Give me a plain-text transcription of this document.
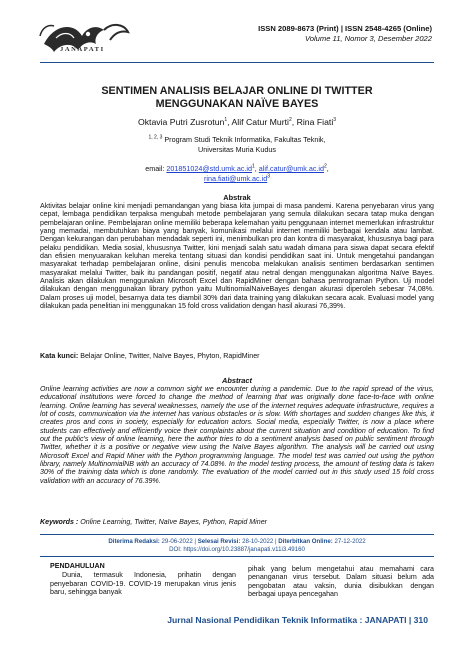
JANAPATI
ISSN 2089-8673 (Print) | ISSN 2548-4265 (Online)
Volume 11, Nomor 3, Desember 2022
SENTIMEN ANALISIS BELAJAR ONLINE DI TWITTER
MENGGUNAKAN NAÏVE BAYES
Oktavia Putri Zusrotun$^1$, Alif Catur Murti$^2$, Rina Fiati$^3$
$^{1, 2, 3}$ Program Studi Teknik Informatika, Fakultas Teknik,
Universitas Muria Kudus
email: $201851024@std.umk.ac.id^1$, $alif.catur@umk.ac.id^2$,
$rina.fiati@umk.ac.id^3$
Abstrak
Aktivitas belajar online kini menjadi pemandangan yang biasa kita jumpai di masa pandemi. Karena penyebaran virus yang cepat, lembaga pendidikan terpaksa mengubah metode pembelajaran yang semula dilakukan secara tatap muka dengan pembelajaran online. Pembelajaran online memiliki beberapa kelemahan yaitu penggunaan internet memerlukan infrastruktur yang memadai, membutuhkan biaya yang banyak, komunikasi melalui internet memiliki berbagai kendala atau lambat. Dengan kekurangan dan perubahan mendadak seperti ini, menimbulkan pro dan kontra di masyarakat, khususnya bagi para pelaku pendidikan. Media sosial, khususnya Twitter, kini menjadi salah satu wadah dimana para siswa dapat secara efektif dan efisien menyuarakan keluhan mereka tentang situasi dan kondisi pendidikan saat ini. Untuk mengetahui pandangan masyarakat terhadap pembelajaran online, disini penulis mencoba melakukan analisis sentimen berdasarkan sentimen masyarakat melalui Twitter, baik itu pandangan positif, negatif atau netral dengan menggunakan algoritma Naïve Bayes. Analisis akan dilakukan menggunakan Microsoft Excel dan RapidMiner dengan bahasa pemrograman Python. Uji model dilakukan dengan menggunakan library python yaitu MultinomialNaiveBayes dengan akurasi diperoleh sebesar 74,08%. Dalam proses uji model, besarnya data tes diambil 30% dari data training yang dilakukan secara acak. Evaluasi model yang dilakukan pada penelitian ini menggunakan 15 fold cross validation dengan hasil akurasi 76,39%.
Kata kunci: Belajar Online, Twitter, Naïve Bayes, Phyton, RapidMiner
Abstract
Online learning activities are now a common sight we encounter during a pandemic. Due to the rapid spread of the virus, educational institutions were forced to change the method of learning that was originally done face-to-face with online learning. Online learning has several weaknesses, namely the use of the internet requires adequate infrastructure, requires a lot of costs, communication via the internet has various obstacles or is slow. With shortages and sudden changes like this, it creates pros and cons in society, especially for education actors. Social media, especially Twitter, is now a place where students can effectively and efficiently voice their complaints about the current situation and condition of education. To find out the public's view of online learning, here the author tries to do a sentiment analysis based on public sentiment through Twitter, whether it is a positive or negative view using the Naïve Bayes algorithm. The analysis will be carried out using Microsoft Excel and Rapid Miner with the Python programming language. The model test was carried out using the python library, namely MultinomialNB with an accuracy of 74.08%. In the model testing process, the amount of testing data is taken 30% of the training data which is done randomly. The evaluation of the model carried out in this study used 15 fold cross validation with an accuracy of 76.39%.
Keywords : Online Learning, Twitter, Naïve Bayes, Python, Rapid Miner
Diterima Redaksi: 29-06-2022 | Selesai Revisi: 28-10-2022 | Diterbitkan Online: 27-12-2022
DOI: https://doi.org/10.23887/janapati.v11i3.49160
PENDAHULUAN
Dunia, termasuk Indonesia, prihatin dengan penyebaran COVID-19. COVID-19 merupakan virus jenis baru, sehingga banyak
pihak yang belum mengetahui atau memahami cara penanganan virus tersebut. Dalam situasi belum ada pengobatan atau vaksin, dunia disibukkan dengan berbagai upaya pencegahan
Jurnal Nasional Pendidikan Teknik Informatika : JANAPATI | 310
